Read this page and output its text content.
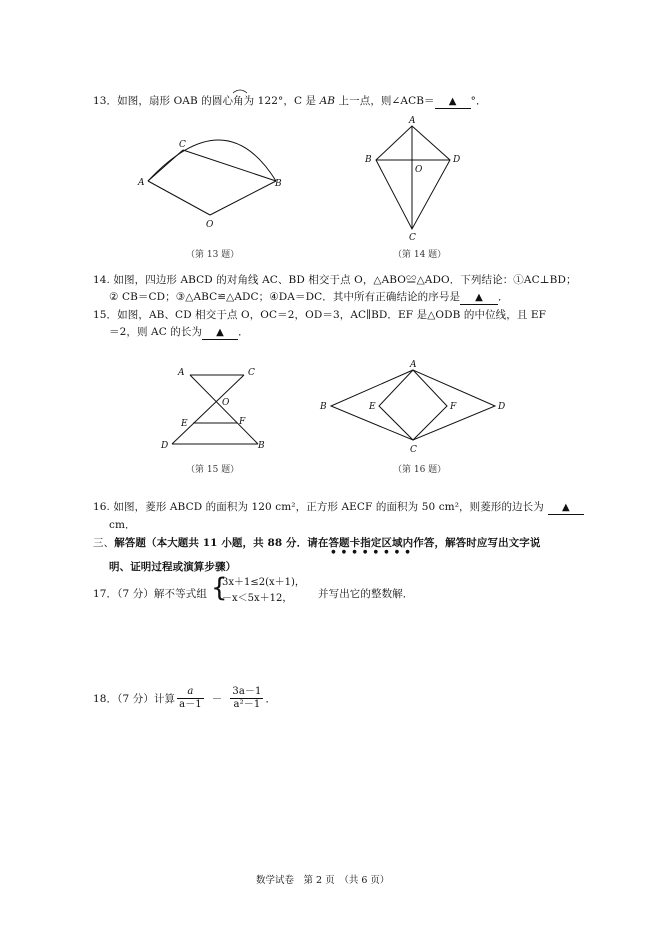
13．如图，扇形 OAB 的圆心角为 122°，C 是 AB 上一点，则∠ACB＝ ▲ °．
A
C
B
O
（第 13 题）
A
B	D
O
C
（第 14 题）
14. 如图，四边形 ABCD 的对角线 AC、BD 相交于点 O，△ABO≌△ADO．下列结论：①AC⊥BD；
② CB＝CD；③△ABC≌△ADC；④DA＝DC．其中所有正确结论的序号是 ▲ ．
15．如图，AB、CD 相交于点 O，OC＝2，OD＝3，AC∥BD．EF 是△ODB 的中位线，且 EF
＝2，则 AC 的长为 ▲ ．
A	C
O
E	F
D	B
（第 15 题）
A
B	E	F	D
C
（第 16 题）
16. 如图，菱形 ABCD 的面积为 120 cm²，正方形 AECF 的面积为 50 cm²，则菱形的边长为 ▲
cm．
三、解答题（本大题共 11 小题，共 88 分．请在答题卡指定区域内作答，解答时应写出文字说
明、证明过程或演算步骤）
17．（7 分）解不等式组 {
3x＋1≤2(x＋1)，
－x＜5x＋12， 并写出它的整数解．
18．（7 分）计算 $\frac{a}{a-1} - \frac{3a-1}{\text{a²－1}}$ ．
数学试卷　第 2 页　（共 6 页）
